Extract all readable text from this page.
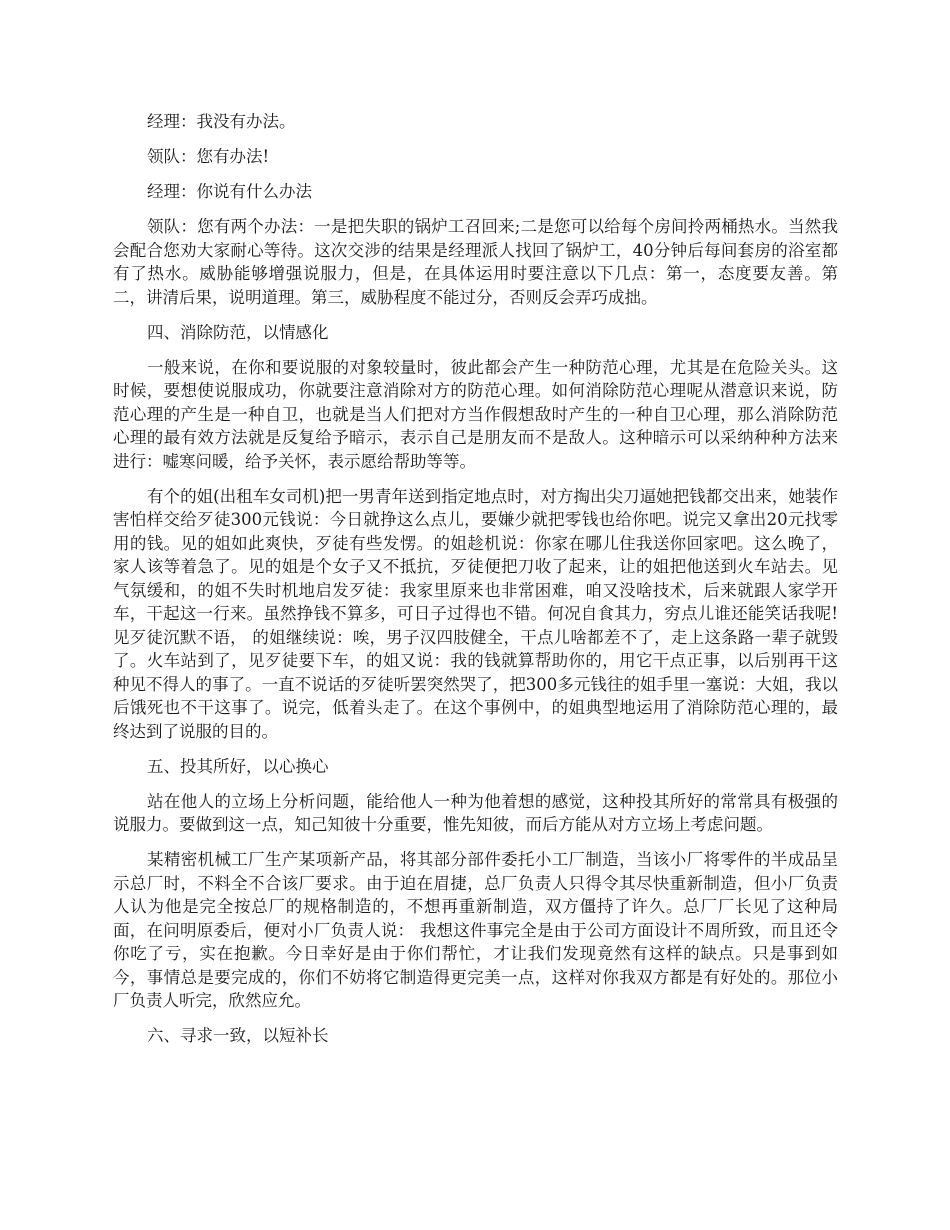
经理：我没有办法。

领队：您有办法!

经理：你说有什么办法

领队：您有两个办法：一是把失职的锅炉工召回来;二是您可以给每个房间拎两桶热水。当然我会配合您劝大家耐心等待。这次交涉的结果是经理派人找回了锅炉工，40分钟后每间套房的浴室都有了热水。威胁能够增强说服力，但是，在具体运用时要注意以下几点：第一，态度要友善。第二，讲清后果，说明道理。第三，威胁程度不能过分，否则反会弄巧成拙。

四、消除防范，以情感化

一般来说，在你和要说服的对象较量时，彼此都会产生一种防范心理，尤其是在危险关头。这时候，要想使说服成功，你就要注意消除对方的防范心理。如何消除防范心理呢从潜意识来说，防范心理的产生是一种自卫，也就是当人们把对方当作假想敌时产生的一种自卫心理，那么消除防范心理的最有效方法就是反复给予暗示，表示自己是朋友而不是敌人。这种暗示可以采纳种种方法来进行：嘘寒问暖，给予关怀，表示愿给帮助等等。

有个的姐(出租车女司机)把一男青年送到指定地点时，对方掏出尖刀逼她把钱都交出来，她装作害怕样交给歹徒300元钱说：今日就挣这么点儿，要嫌少就把零钱也给你吧。说完又拿出20元找零用的钱。见的姐如此爽快，歹徒有些发愣。的姐趁机说：你家在哪儿住我送你回家吧。这么晚了，家人该等着急了。见的姐是个女子又不抵抗，歹徒便把刀收了起来，让的姐把他送到火车站去。见气氛缓和，的姐不失时机地启发歹徒：我家里原来也非常困难，咱又没啥技术，后来就跟人家学开车，干起这一行来。虽然挣钱不算多，可日子过得也不错。何况自食其力，穷点儿谁还能笑话我呢!见歹徒沉默不语， 的姐继续说：唉，男子汉四肢健全，干点儿啥都差不了，走上这条路一辈子就毁了。火车站到了，见歹徒要下车，的姐又说：我的钱就算帮助你的，用它干点正事，以后别再干这种见不得人的事了。一直不说话的歹徒听罢突然哭了，把300多元钱往的姐手里一塞说：大姐，我以后饿死也不干这事了。说完，低着头走了。在这个事例中，的姐典型地运用了消除防范心理的，最终达到了说服的目的。

五、投其所好，以心换心

站在他人的立场上分析问题，能给他人一种为他着想的感觉，这种投其所好的常常具有极强的说服力。要做到这一点，知己知彼十分重要，惟先知彼，而后方能从对方立场上考虑问题。

某精密机械工厂生产某项新产品，将其部分部件委托小工厂制造，当该小厂将零件的半成品呈示总厂时，不料全不合该厂要求。由于迫在眉捷，总厂负责人只得令其尽快重新制造，但小厂负责人认为他是完全按总厂的规格制造的，不想再重新制造，双方僵持了许久。总厂厂长见了这种局面，在问明原委后，便对小厂负责人说： 我想这件事完全是由于公司方面设计不周所致，而且还令你吃了亏，实在抱歉。今日幸好是由于你们帮忙，才让我们发现竟然有这样的缺点。只是事到如今，事情总是要完成的，你们不妨将它制造得更完美一点，这样对你我双方都是有好处的。那位小厂负责人听完，欣然应允。

六、寻求一致，以短补长
